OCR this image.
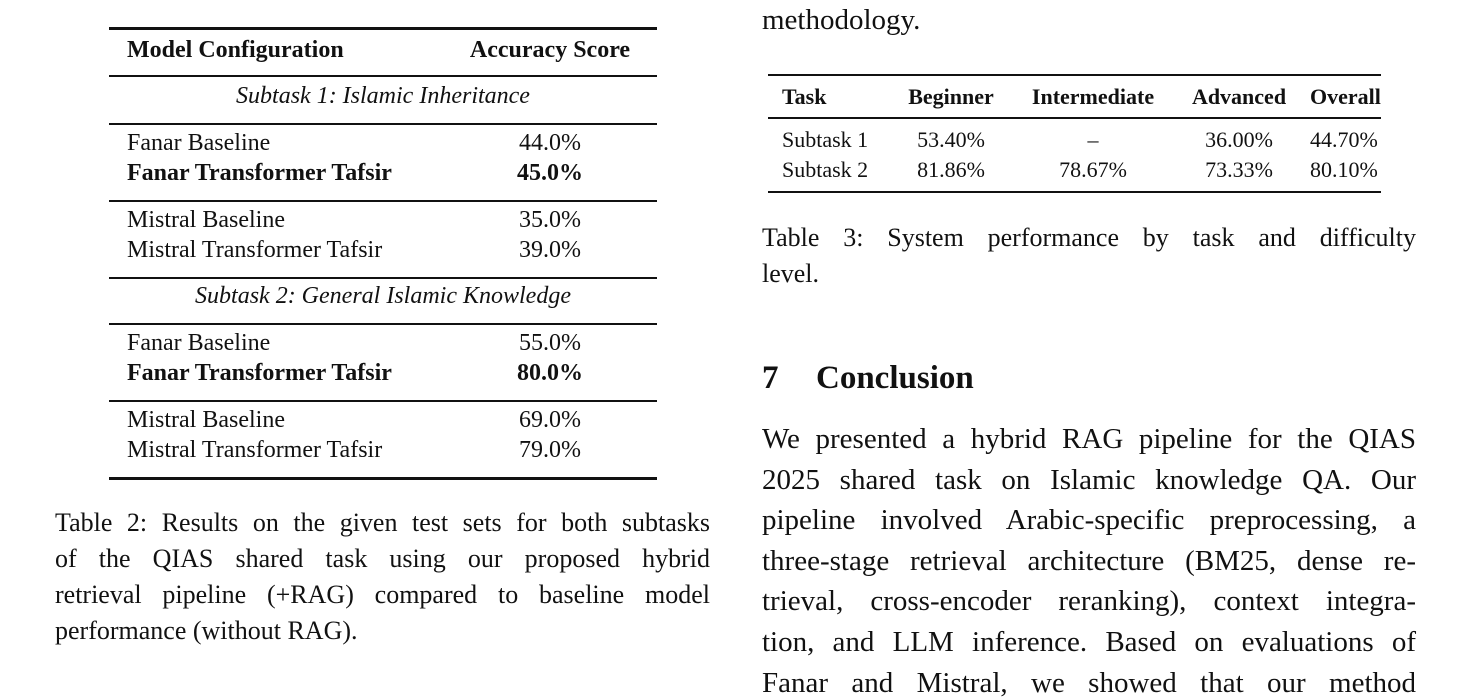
Model Configuration	Accuracy Score
Subtask 1: Islamic Inheritance
Fanar Baseline	44.0%
Fanar Transformer Tafsir	45.0%
Mistral Baseline	35.0%
Mistral Transformer Tafsir	39.0%
Subtask 2: General Islamic Knowledge
Fanar Baseline	55.0%
Fanar Transformer Tafsir	80.0%
Mistral Baseline	69.0%
Mistral Transformer Tafsir	79.0%
Table 2: Results on the given test sets for both subtasks
of the QIAS shared task using our proposed hybrid
retrieval pipeline (+RAG) compared to baseline model
performance (without RAG).
methodology.
Task	Beginner	Intermediate	Advanced	Overall
Subtask 1	53.40%	–	36.00%	44.70%
Subtask 2	81.86%	78.67%	73.33%	80.10%
Table 3: System performance by task and difficulty
level.
7 Conclusion
We presented a hybrid RAG pipeline for the QIAS
2025 shared task on Islamic knowledge QA. Our
pipeline involved Arabic-specific preprocessing, a
three-stage retrieval architecture (BM25, dense re-
trieval, cross-encoder reranking), context integra-
tion, and LLM inference. Based on evaluations of
Fanar and Mistral, we showed that our method
